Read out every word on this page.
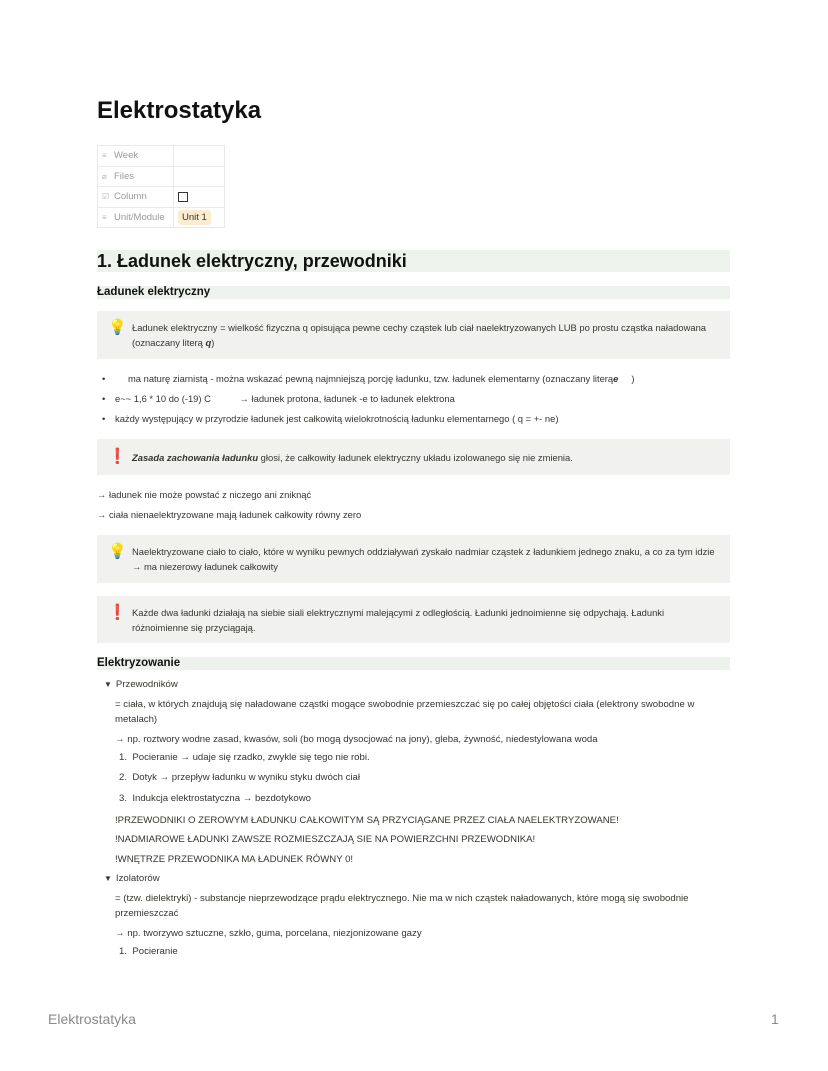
Elektrostatyka
≡ Week	
⌀ Files	
☑ Column	
≡ Unit/Module	Unit 1
1. Ładunek elektryczny, przewodniki
Ładunek elektryczny
💡 Ładunek elektryczny = wielkość fizyczna q opisująca pewne cechy cząstek lub ciał naelektryzowanych LUB po prostu cząstka naładowana (oznaczany literą q)
• ma naturę ziarnistą - można wskazać pewną najmniejszą porcję ładunku, tzw. ładunek elementarny (oznaczany literąe )
• e~~ 1,6 * 10 do (-19) C           → ładunek protona, ładunek -e to ładunek elektrona
• każdy występujący w przyrodzie ładunek jest całkowitą wielokrotnością ładunku elementarnego ( q = +- ne)
❗ Zasada zachowania ładunku głosi, że całkowity ładunek elektryczny układu izolowanego się nie zmienia.
→ ładunek nie może powstać z niczego ani zniknąć
→ ciała nienaelektryzowane mają ładunek całkowity równy zero
💡 Naelektryzowane ciało to ciało, które w wyniku pewnych oddziaływań zyskało nadmiar cząstek z ładunkiem jednego znaku, a co za tym idzie → ma niezerowy ładunek całkowity
❗ Każde dwa ładunki działają na siebie siali elektrycznymi malejącymi z odległością. Ładunki jednoimienne się odpychają. Ładunki różnoimienne się przyciągają.
Elektryzowanie
▼ Przewodników
= ciała, w których znajdują się naładowane cząstki mogące swobodnie przemieszczać się po całej objętości ciała (elektrony swobodne w metalach)
→ np. roztwory wodne zasad, kwasów, soli (bo mogą dysocjować na jony), gleba, żywność, niedestylowana woda
1.  Pocieranie → udaje się rzadko, zwykle się tego nie robi.
2.  Dotyk → przepływ ładunku w wyniku styku dwóch ciał
3.  Indukcja elektrostatyczna → bezdotykowo
!PRZEWODNIKI O ZEROWYM ŁADUNKU CAŁKOWITYM SĄ PRZYCIĄGANE PRZEZ CIAŁA NAELEKTRYZOWANE!
!NADMIAROWE ŁADUNKI ZAWSZE ROZMIESZCZAJĄ SIE NA POWIERZCHNI PRZEWODNIKA!
!WNĘTRZE PRZEWODNIKA MA ŁADUNEK RÓWNY 0!
▼ Izolatorów
= (tzw. dielektryki) - substancje nieprzewodzące prądu elektrycznego. Nie ma w nich cząstek naładowanych, które mogą się swobodnie przemieszczać
→ np. tworzywo sztuczne, szkło, guma, porcelana, niezjonizowane gazy
1.  Pocieranie
Elektrostatyka	1
